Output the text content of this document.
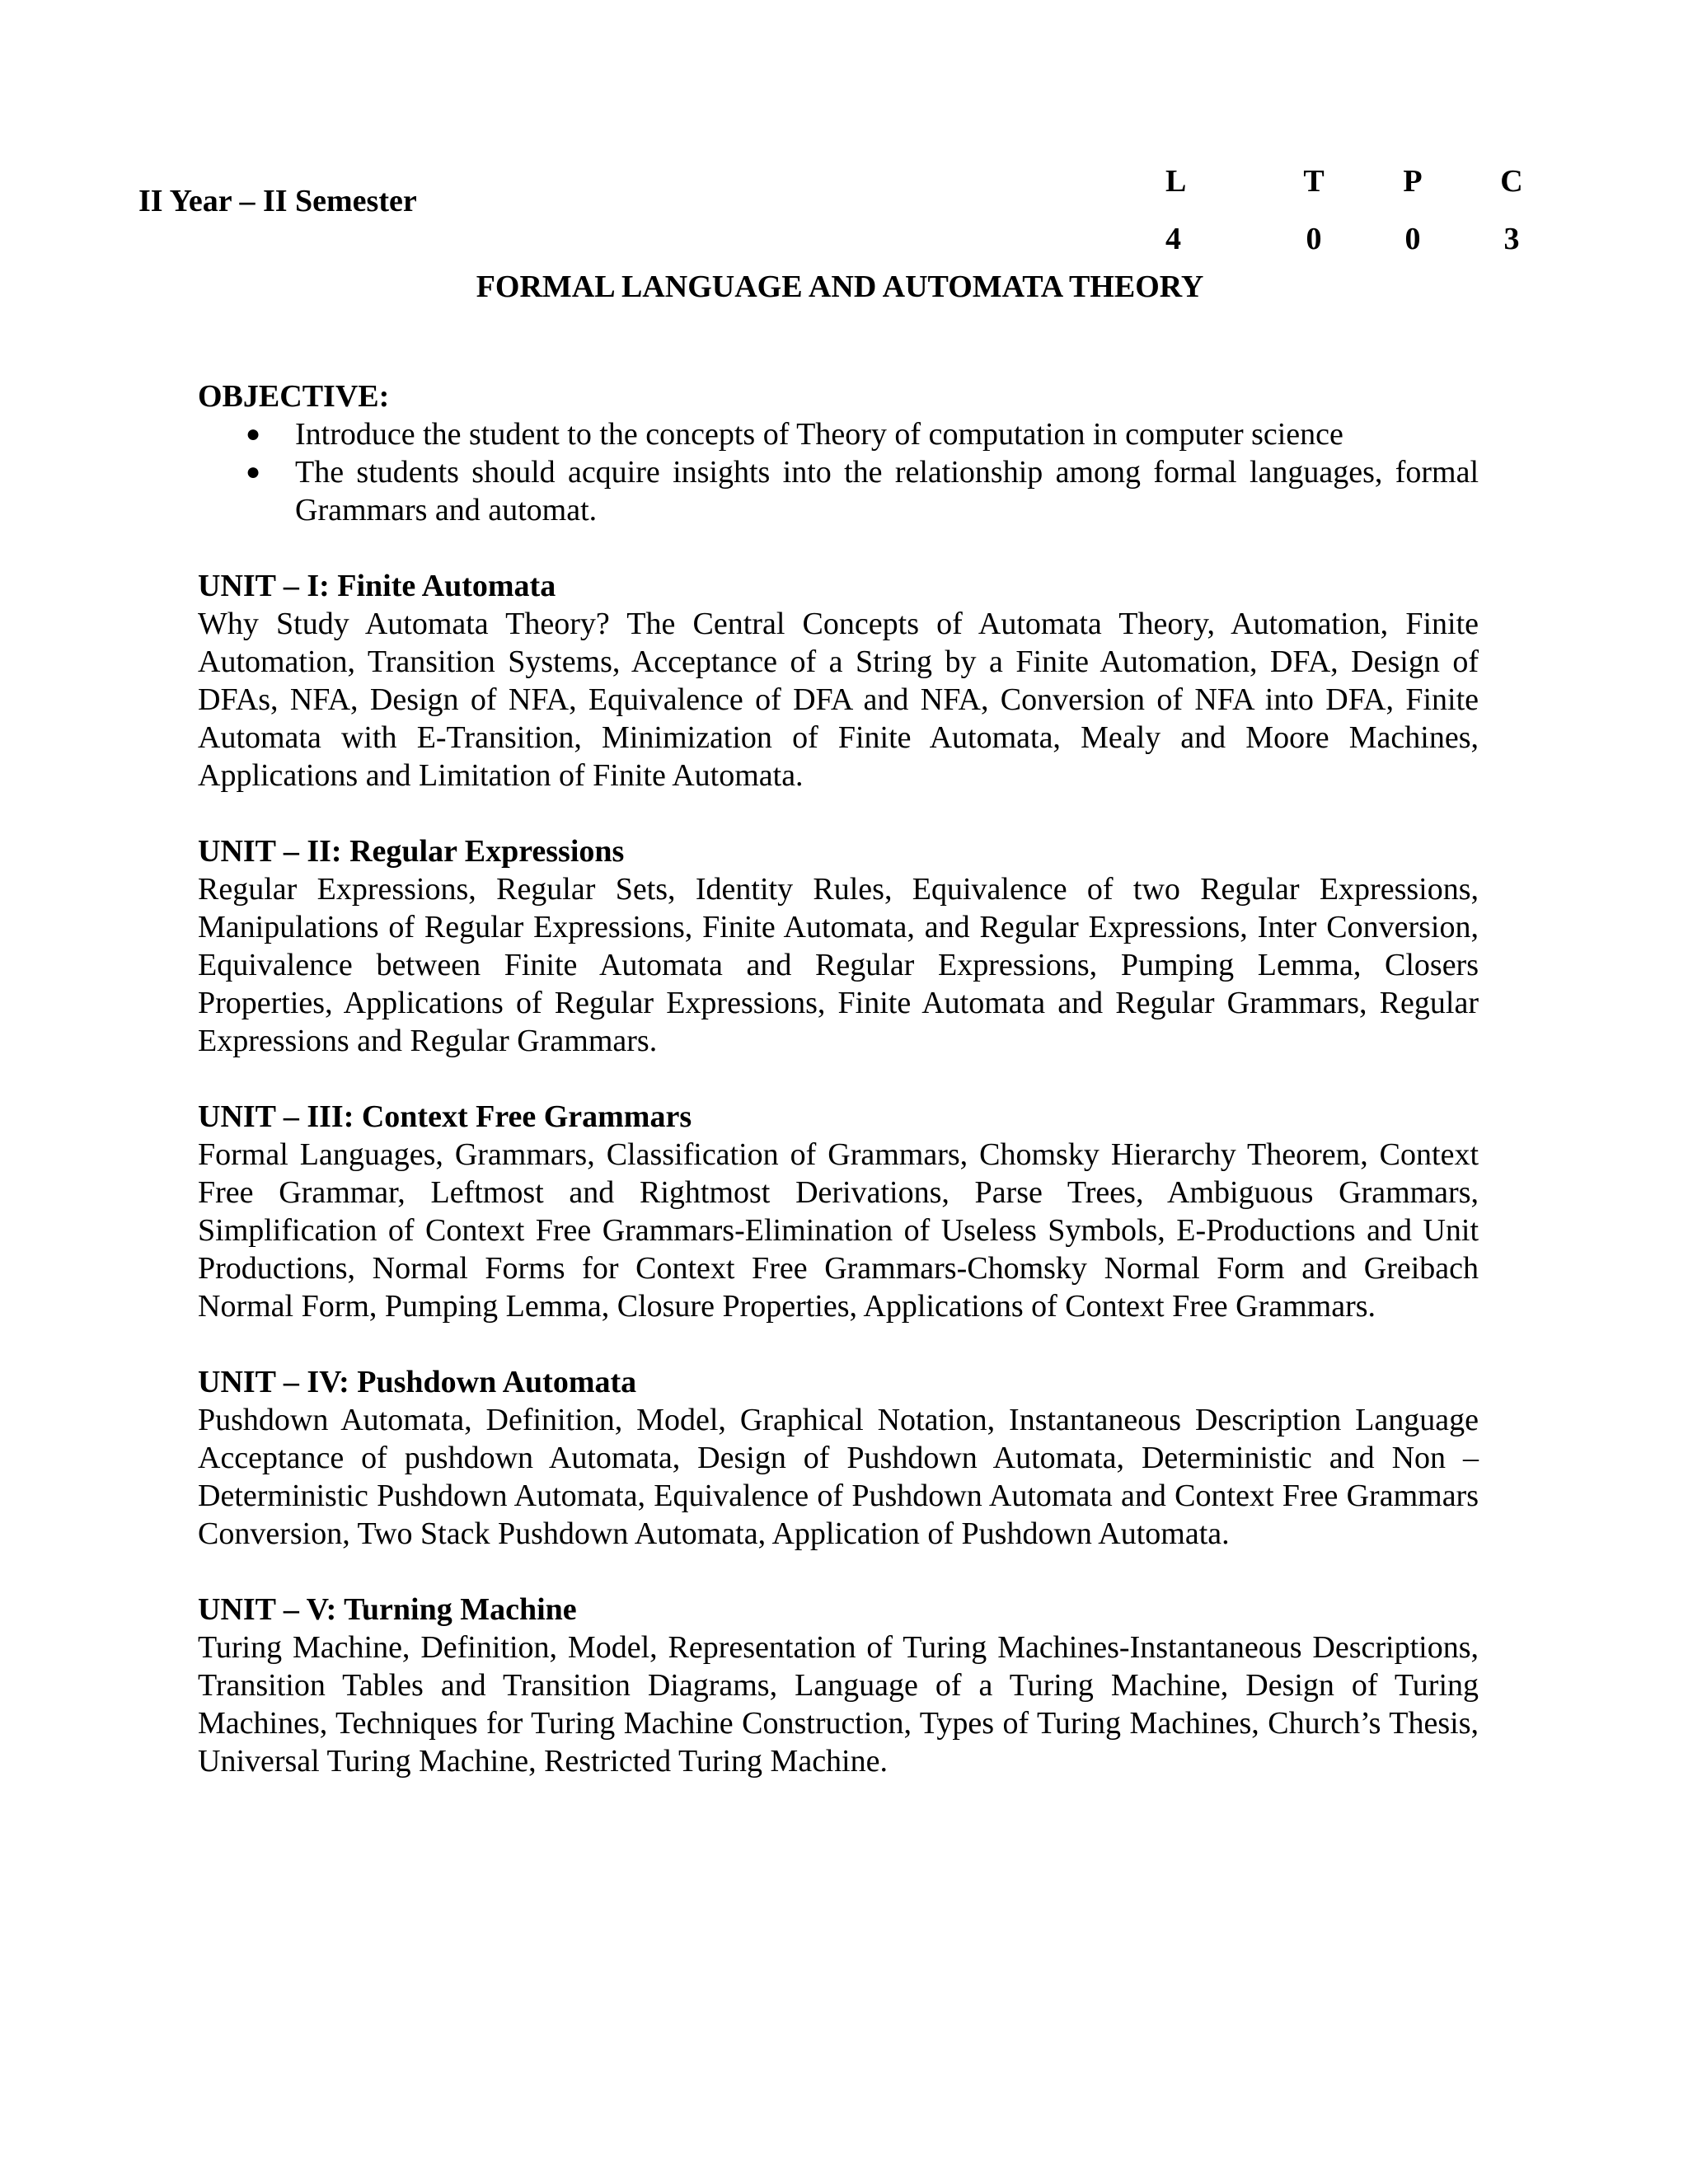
II Year – II Semester

L	T	P	C
4	0	0	3
FORMAL LANGUAGE AND AUTOMATA THEORY

OBJECTIVE:

● Introduce the student to the concepts of Theory of computation in computer science
● The students should acquire insights into the relationship among formal languages, formal Grammars and automat.

UNIT – I: Finite Automata

Why Study Automata Theory? The Central Concepts of Automata Theory, Automation, Finite Automation, Transition Systems, Acceptance of a String by a Finite Automation, DFA, Design of DFAs, NFA, Design of NFA, Equivalence of DFA and NFA, Conversion of NFA into DFA, Finite Automata with E-Transition, Minimization of Finite Automata, Mealy and Moore Machines, Applications and Limitation of Finite Automata.

UNIT – II: Regular Expressions

Regular Expressions, Regular Sets, Identity Rules, Equivalence of two Regular Expressions, Manipulations of Regular Expressions, Finite Automata, and Regular Expressions, Inter Conversion, Equivalence between Finite Automata and Regular Expressions, Pumping Lemma, Closers Properties, Applications of Regular Expressions, Finite Automata and Regular Grammars, Regular Expressions and Regular Grammars.

UNIT – III: Context Free Grammars

Formal Languages, Grammars, Classification of Grammars, Chomsky Hierarchy Theorem, Context Free Grammar, Leftmost and Rightmost Derivations, Parse Trees, Ambiguous Grammars, Simplification of Context Free Grammars-Elimination of Useless Symbols, E-Productions and Unit Productions, Normal Forms for Context Free Grammars-Chomsky Normal Form and Greibach Normal Form, Pumping Lemma, Closure Properties, Applications of Context Free Grammars.

UNIT – IV: Pushdown Automata

Pushdown Automata, Definition, Model, Graphical Notation, Instantaneous Description Language Acceptance of pushdown Automata, Design of Pushdown Automata, Deterministic and Non – Deterministic Pushdown Automata, Equivalence of Pushdown Automata and Context Free Grammars Conversion, Two Stack Pushdown Automata, Application of Pushdown Automata.

UNIT – V: Turning Machine

Turing Machine, Definition, Model, Representation of Turing Machines-Instantaneous Descriptions, Transition Tables and Transition Diagrams, Language of a Turing Machine, Design of Turing Machines, Techniques for Turing Machine Construction, Types of Turing Machines, Church’s Thesis, Universal Turing Machine, Restricted Turing Machine.
